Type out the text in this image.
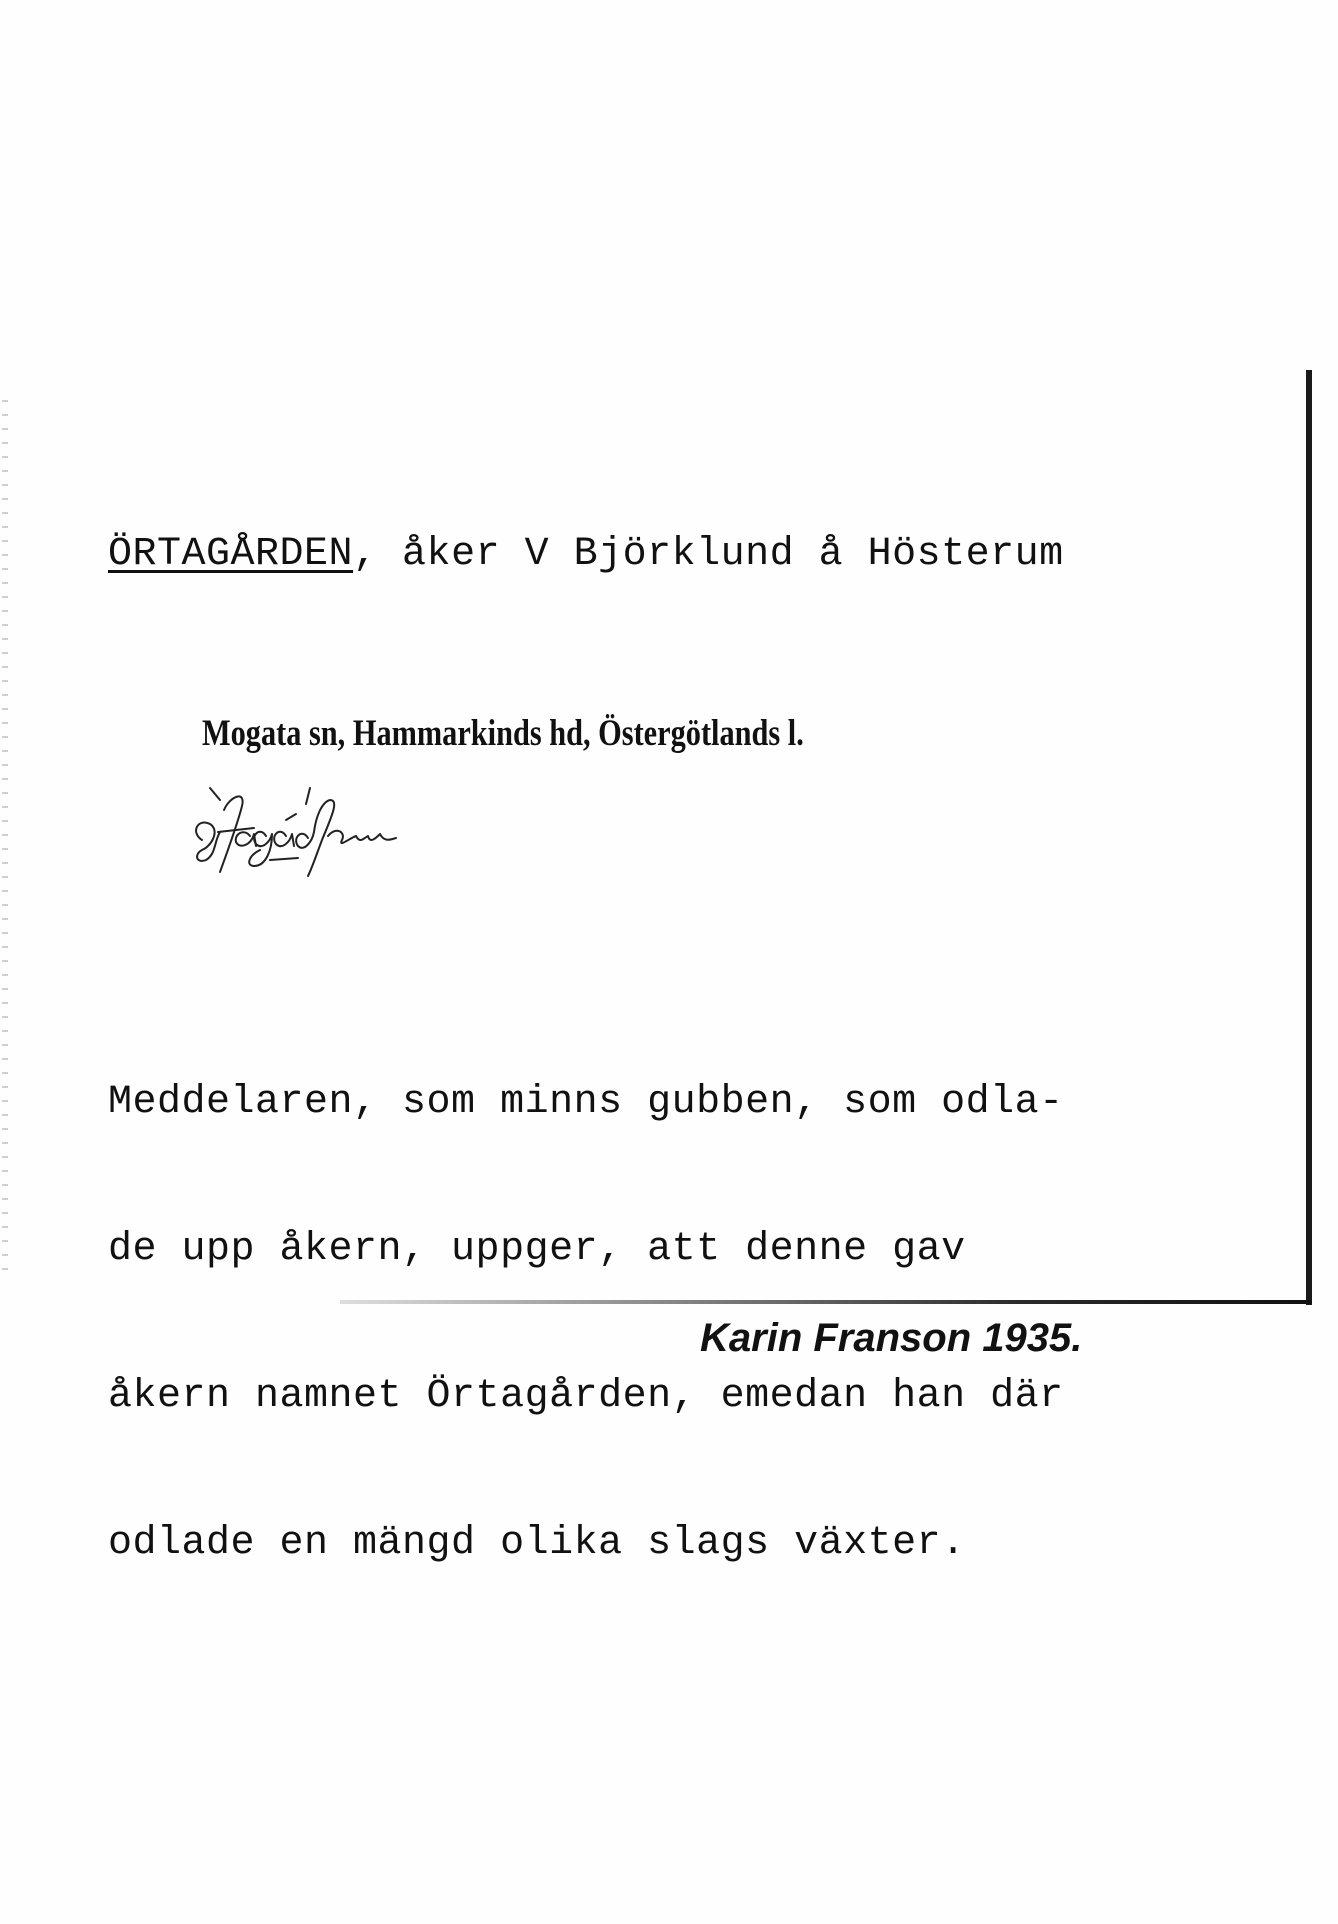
ÖRTAGÅRDEN, åker V Björklund å Hösterum
Mogata sn, Hammarkinds hd, Östergötlands l.

Meddelaren, som minns gubben, som odla-

de upp åkern, uppger, att denne gav

åkern namnet Örtagården, emedan han där

odlade en mängd olika slags växter.

Karin Franson 1935.
